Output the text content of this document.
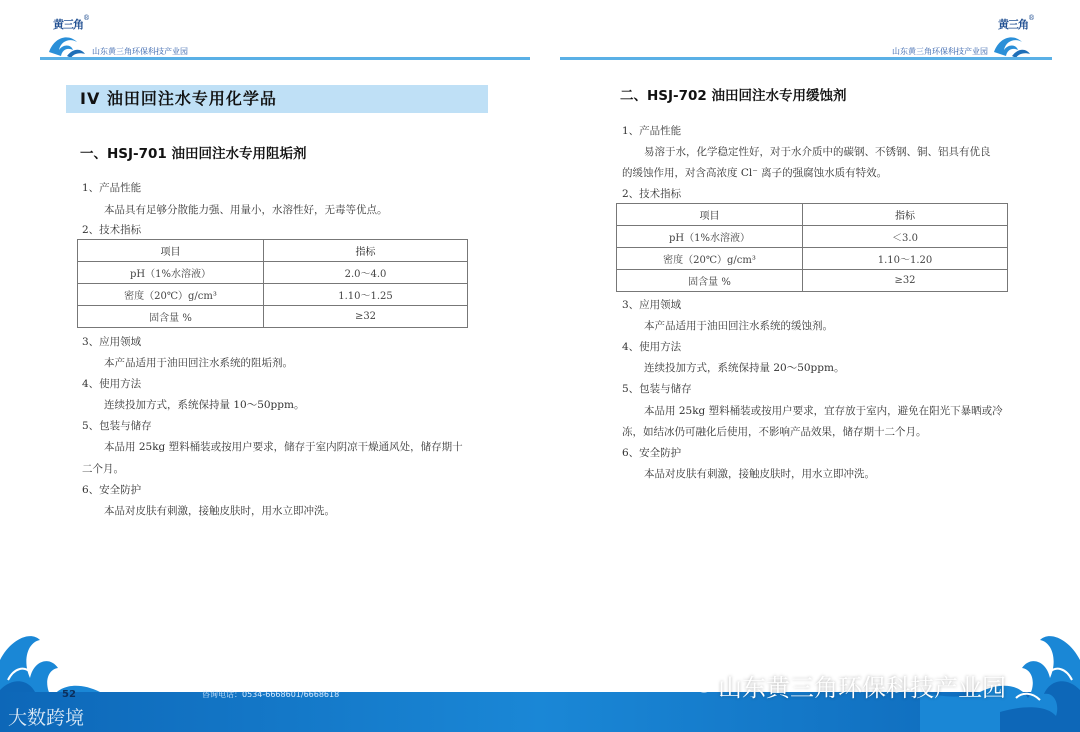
黄三角 ®
山东黄三角环保科技产业园
黄三角 ®
山东黄三角环保科技产业园
IV 油田回注水专用化学品
一、HSJ-701 油田回注水专用阻垢剂
1、产品性能
本品具有足够分散能力强、用量小，水溶性好，无毒等优点。
2、技术指标
项目	指标
pH（1%水溶液）	2.0～4.0
密度（20℃）g/cm³	1.10～1.25
固含量 %	≥32
3、应用领域
本产品适用于油田回注水系统的阻垢剂。
4、使用方法
连续投加方式，系统保持量 10～50ppm。
5、包装与储存
本品用 25kg 塑料桶装或按用户要求，储存于室内阴凉干燥通风处，储存期十
二个月。
6、安全防护
本品对皮肤有刺激，接触皮肤时，用水立即冲洗。
二、HSJ-702 油田回注水专用缓蚀剂
1、产品性能
易溶于水，化学稳定性好，对于水介质中的碳钢、不锈钢、铜、铝具有优良
的缓蚀作用，对含高浓度 Cl⁻ 离子的强腐蚀水质有特效。
2、技术指标
项目	指标
pH（1%水溶液）	＜3.0
密度（20℃）g/cm³	1.10～1.20
固含量 %	≥32
3、应用领域
本产品适用于油田回注水系统的缓蚀剂。
4、使用方法
连续投加方式，系统保持量 20～50ppm。
5、包装与储存
本品用 25kg 塑料桶装或按用户要求，宜存放于室内，避免在阳光下暴晒或冷
冻，如结冰仍可融化后使用，不影响产品效果，储存期十二个月。
6、安全防护
本品对皮肤有刺激，接触皮肤时，用水立即冲洗。
52	咨询电话：0534-6668601/6668618	山东黄三角环保科技产业园
大数跨境
